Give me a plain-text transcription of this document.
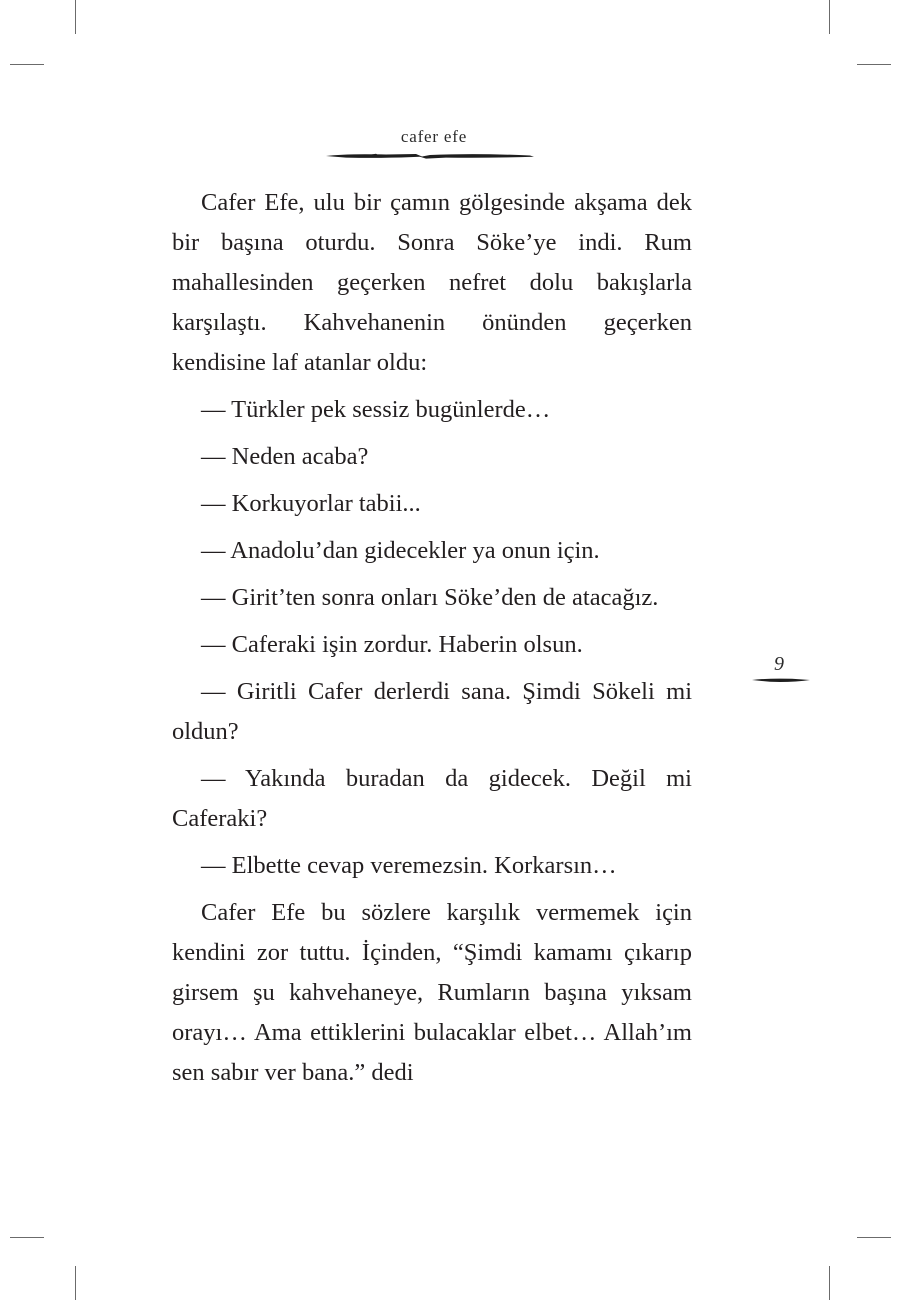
cafer efe

Cafer Efe, ulu bir çamın gölgesinde akşama dek bir başına oturdu. Sonra Söke’ye indi. Rum mahallesinden geçerken nefret dolu bakışlarla karşılaştı. Kahvehanenin önünden geçerken kendisine laf atanlar oldu:

— Türkler pek sessiz bugünlerde…

— Neden acaba?

— Korkuyorlar tabii...

— Anadolu’dan gidecekler ya onun için.

— Girit’ten sonra onları Söke’den de atacağız.

— Caferaki işin zordur. Haberin olsun.

— Giritli Cafer derlerdi sana. Şimdi Sökeli mi oldun?

— Yakında buradan da gidecek. Değil mi Caferaki?

— Elbette cevap veremezsin. Korkarsın…

Cafer Efe bu sözlere karşılık vermemek için kendini zor tuttu. İçinden, “Şimdi kamamı çıkarıp girsem şu kahvehaneye, Rumların başına yıksam orayı… Ama ettiklerini bulacaklar elbet… Allah’ım sen sabır ver bana.” dedi

9
